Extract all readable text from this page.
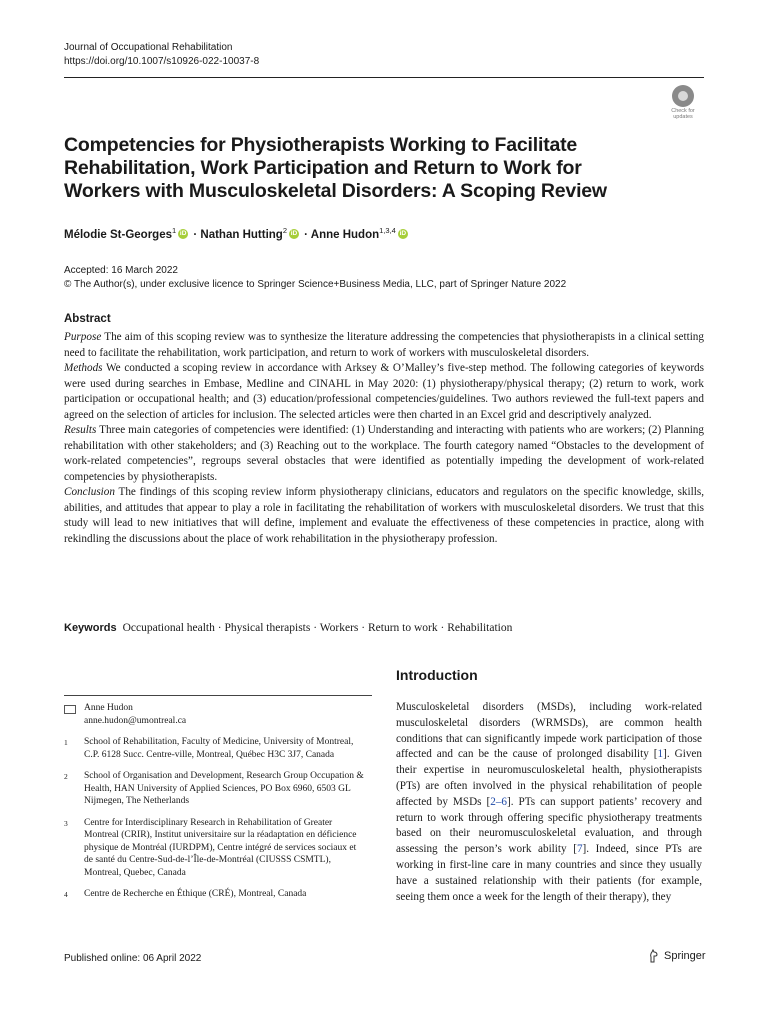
Journal of Occupational Rehabilitation
https://doi.org/10.1007/s10926-022-10037-8
Check for updates
Competencies for Physiotherapists Working to Facilitate Rehabilitation, Work Participation and Return to Work for Workers with Musculoskeletal Disorders: A Scoping Review
Mélodie St-Georges$^1$ iD · Nathan Hutting$^2$ iD · Anne Hudon$^{1,3,4}$ iD
Accepted: 16 March 2022
© The Author(s), under exclusive licence to Springer Science+Business Media, LLC, part of Springer Nature 2022
Abstract

Purpose The aim of this scoping review was to synthesize the literature addressing the competencies that physiotherapists in a clinical setting need to facilitate the rehabilitation, work participation, and return to work of workers with musculoskeletal disorders.

Methods We conducted a scoping review in accordance with Arksey & O’Malley’s five-step method. The following categories of keywords were used during searches in Embase, Medline and CINAHL in May 2020: (1) physiotherapy/physical therapy; (2) return to work, work participation or occupational health; and (3) education/professional competencies/guidelines. Two authors reviewed the full-text papers and agreed on the selection of articles for inclusion. The selected articles were then charted in an Excel grid and descriptively analyzed.

Results Three main categories of competencies were identified: (1) Understanding and interacting with patients who are workers; (2) Planning rehabilitation with other stakeholders; and (3) Reaching out to the workplace. The fourth category named “Obstacles to the development of work-related competencies”, regroups several obstacles that were identified as potentially impeding the development of work-related competencies by physiotherapists.

Conclusion The findings of this scoping review inform physiotherapy clinicians, educators and regulators on the specific knowledge, skills, abilities, and attitudes that appear to play a role in facilitating the rehabilitation of workers with musculoskeletal disorders. We trust that this study will lead to new initiatives that will define, implement and evaluate the effectiveness of these competencies in practice, along with rekindling the discussions about the place of work rehabilitation in the physiotherapy profession.

Keywords Occupational health · Physical therapists · Workers · Return to work · Rehabilitation
Anne Hudon
anne.hudon@umontreal.ca
1	School of Rehabilitation, Faculty of Medicine, University of Montreal, C.P. 6128 Succ. Centre-ville, Montreal, Québec H3C 3J7, Canada
2	School of Organisation and Development, Research Group Occupation & Health, HAN University of Applied Sciences, PO Box 6960, 6503 GL Nijmegen, The Netherlands
3	Centre for Interdisciplinary Research in Rehabilitation of Greater Montreal (CRIR), Institut universitaire sur la réadaptation en déficience physique de Montréal (IURDPM), Centre intégré de services sociaux et de santé du Centre-Sud-de-l’Île-de-Montréal (CIUSSS CSMTL), Montreal, Quebec, Canada
4	Centre de Recherche en Éthique (CRÉ), Montreal, Canada
Introduction
Musculoskeletal disorders (MSDs), including work-related musculoskeletal disorders (WRMSDs), are common health conditions that can significantly impede work participation of those affected and can be the cause of prolonged disability [1]. Given their expertise in neuromusculoskeletal health, physiotherapists (PTs) are often involved in the physical rehabilitation of people affected by MSDs [2–6]. PTs can support patients’ recovery and return to work through offering specific physiotherapy treatments based on their neuromusculoskeletal evaluation, and through assessing the person’s work ability [7]. Indeed, since PTs are working in first-line care in many countries and since they usually have a sustained relationship with their patients (for example, seeing them once a week for the length of their therapy), they
Published online: 06 April 2022	Springer
